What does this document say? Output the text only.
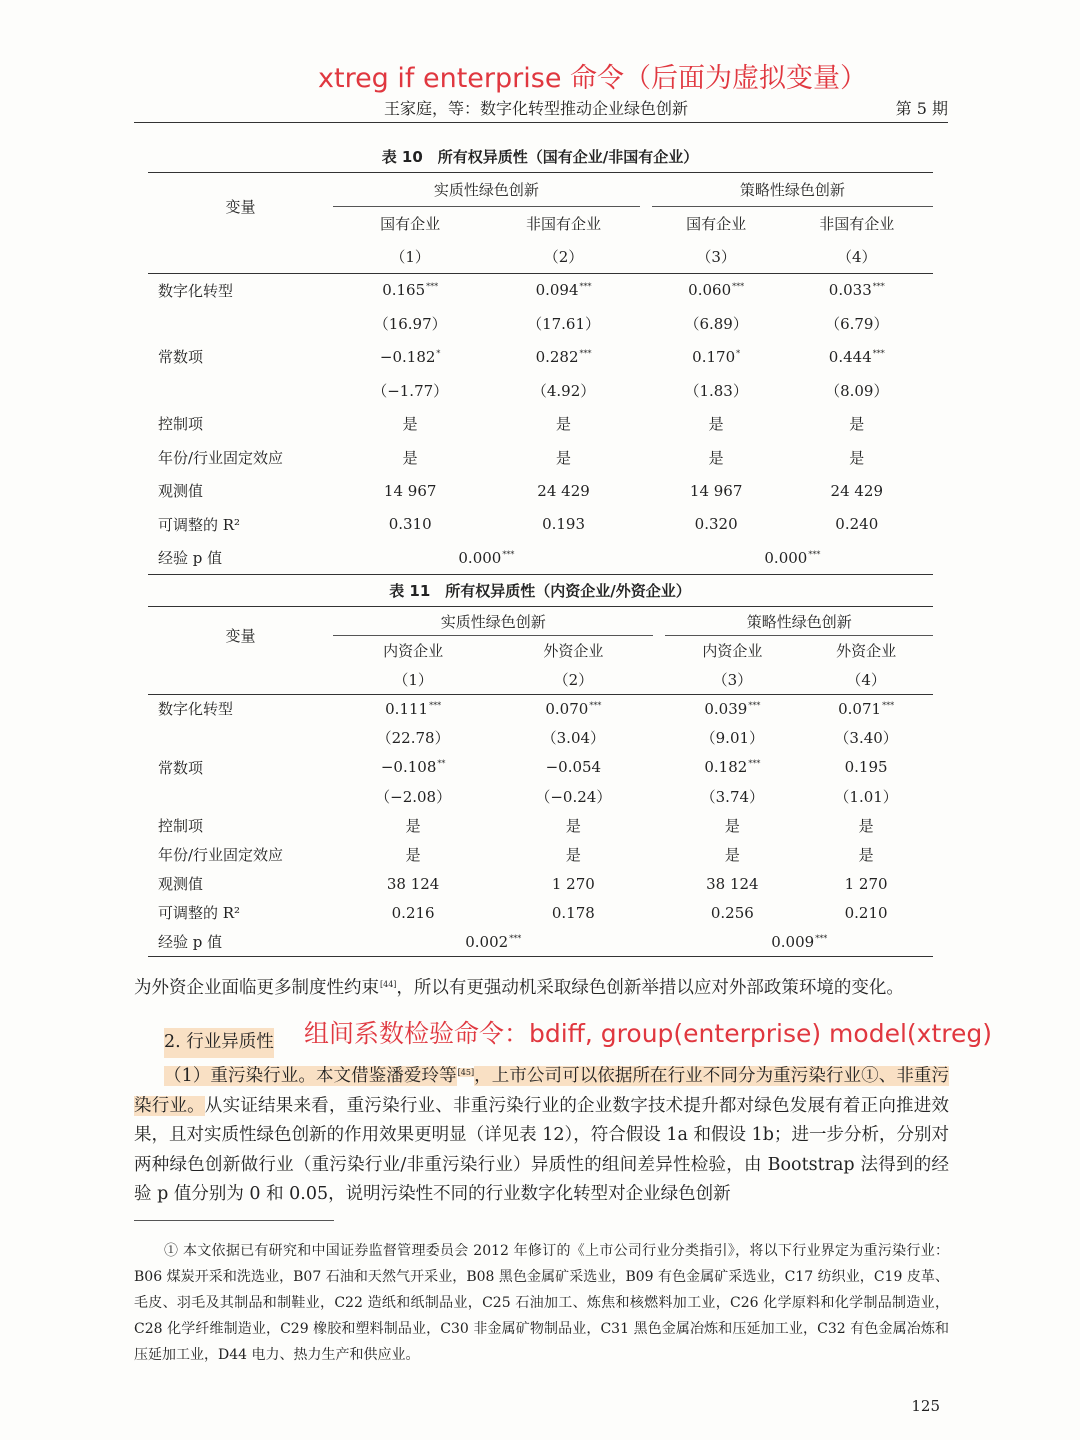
xtreg if enterprise 命令（后面为虚拟变量）
王家庭，等：数字化转型推动企业绿色创新	第 5 期
表 10　所有权异质性（国有企业/非国有企业）
变量	实质性绿色创新			策略性绿色创新	
	国有企业	非国有企业		国有企业	非国有企业
	（1）	（2）		（3）	（4）
数字化转型	0.165***	0.094***		0.060***	0.033***
	（16.97）	（17.61）		（6.89）	（6.79）
常数项	−0.182*	0.282***		0.170*	0.444***
	（−1.77）	（4.92）		（1.83）	（8.09）
控制项	是	是		是	是
年份/行业固定效应	是	是		是	是
观测值	14 967	24 429		14 967	24 429
可调整的 R²	0.310	0.193		0.320	0.240
经验 p 值	0.000***			0.000***
表 11　所有权异质性（内资企业/外资企业）
变量	实质性绿色创新			策略性绿色创新	
	内资企业	外资企业		内资企业	外资企业
	（1）	（2）		（3）	（4）
数字化转型	0.111***	0.070***		0.039***	0.071***
	（22.78）	（3.04）		（9.01）	（3.40）
常数项	−0.108**	−0.054		0.182***	0.195
	（−2.08）	（−0.24）		（3.74）	（1.01）
控制项	是	是		是	是
年份/行业固定效应	是	是		是	是
观测值	38 124	1 270		38 124	1 270
可调整的 R²	0.216	0.178		0.256	0.210
经验 p 值	0.002***			0.009***
为外资企业面临更多制度性约束[44]，所以有更强动机采取绿色创新举措以应对外部政策环境的变化。
组间系数检验命令：bdiff, group(enterprise) model(xtreg)
2. 行业异质性
（1）重污染行业。本文借鉴潘爱玲等[45]，上市公司可以依据所在行业不同分为重污染行业①、非重污染行业。从实证结果来看，重污染行业、非重污染行业的企业数字技术提升都对绿色发展有着正向推进效果，且对实质性绿色创新的作用效果更明显（详见表 12），符合假设 1a 和假设 1b；进一步分析，分别对两种绿色创新做行业（重污染行业/非重污染行业）异质性的组间差异性检验，由 Bootstrap 法得到的经验 p 值分别为 0 和 0.05，说明污染性不同的行业数字化转型对企业绿色创新
① 本文依据已有研究和中国证券监督管理委员会 2012 年修订的《上市公司行业分类指引》，将以下行业界定为重污染行业：B06 煤炭开采和洗选业，B07 石油和天然气开采业，B08 黑色金属矿采选业，B09 有色金属矿采选业，C17 纺织业，C19 皮革、毛皮、羽毛及其制品和制鞋业，C22 造纸和纸制品业，C25 石油加工、炼焦和核燃料加工业，C26 化学原料和化学制品制造业，C28 化学纤维制造业，C29 橡胶和塑料制品业，C30 非金属矿物制品业，C31 黑色金属冶炼和压延加工业，C32 有色金属冶炼和压延加工业，D44 电力、热力生产和供应业。
125
